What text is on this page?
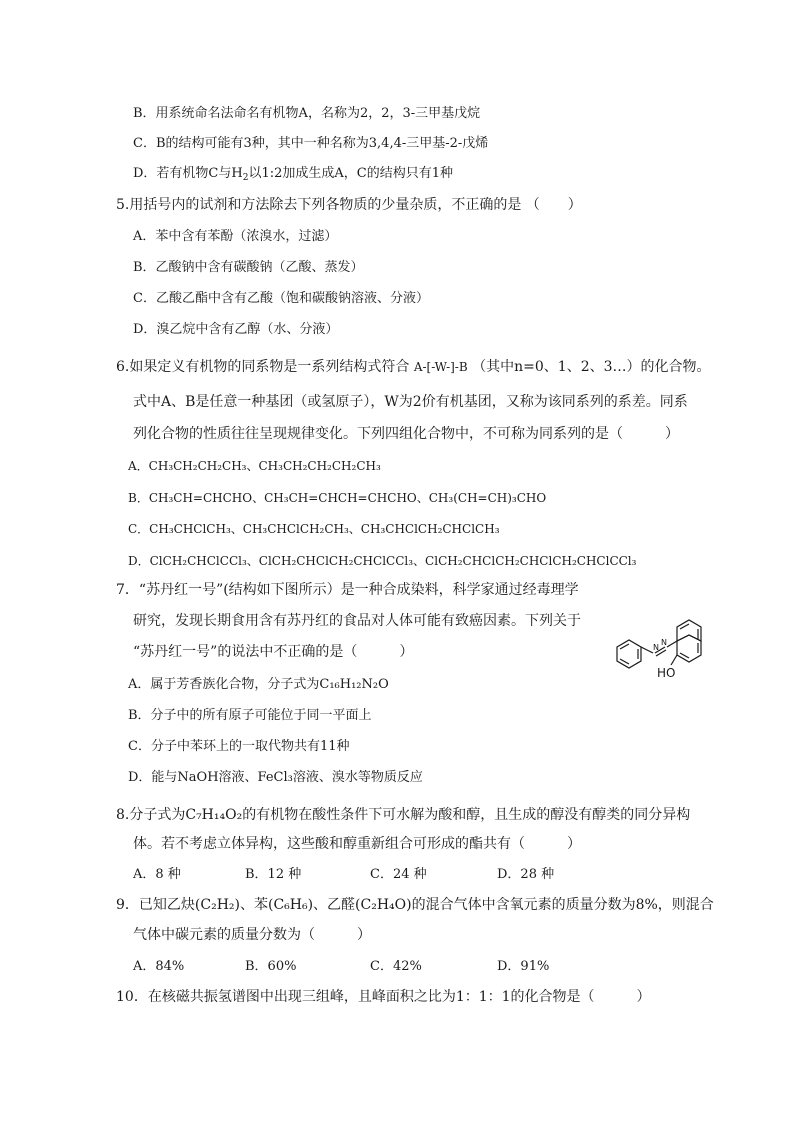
B．用系统命名法命名有机物A，名称为2，2，3-三甲基戊烷
C．B的结构可能有3种，其中一种名称为3,4,4-三甲基-2-戊烯
D．若有机物C与$H_2$以1:2加成生成A，C的结构只有1种
5.用括号内的试剂和方法除去下列各物质的少量杂质，不正确的是 （　　）
A．苯中含有苯酚（浓溴水，过滤）
B．乙酸钠中含有碳酸钠（乙酸、蒸发）
C．乙酸乙酯中含有乙酸（饱和碳酸钠溶液、分液）
D．溴乙烷中含有乙醇（水、分液）
6.如果定义有机物的同系物是一系列结构式符合 A-[-W-]-B （其中n=0、1、2、3…）的化合物。
式中A、B是任意一种基团（或氢原子），W为2价有机基团，又称为该同系列的系差。同系
列化合物的性质往往呈现规律变化。下列四组化合物中，不可称为同系列的是（　　　）
A．CH₃CH₂CH₂CH₃、CH₃CH₂CH₂CH₂CH₃
B．CH₃CH=CHCHO、CH₃CH=CHCH=CHCHO、CH₃(CH=CH)₃CHO
C．CH₃CHClCH₃、CH₃CHClCH₂CH₃、CH₃CHClCH₂CHClCH₃
D．ClCH₂CHClCCl₃、ClCH₂CHClCH₂CHClCCl₃、ClCH₂CHClCH₂CHClCH₂CHClCCl₃
7．“苏丹红一号”(结构如下图所示）是一种合成染料，科学家通过经毒理学
研究，发现长期食用含有苏丹红的食品对人体可能有致癌因素。下列关于
“苏丹红一号”的说法中不正确的是（　　　）
A．属于芳香族化合物，分子式为C₁₆H₁₂N₂O
B．分子中的所有原子可能位于同一平面上
C．分子中苯环上的一取代物共有11种
D．能与NaOH溶液、FeCl₃溶液、溴水等物质反应
N
N
HO
8.分子式为C₇H₁₄O₂的有机物在酸性条件下可水解为酸和醇，且生成的醇没有醇类的同分异构
体。若不考虑立体异构，这些酸和醇重新组合可形成的酯共有（　　　）
A．8 种	B．12 种	C．24 种	D．28 种
9．已知乙炔(C₂H₂)、苯(C₆H₆)、乙醛(C₂H₄O)的混合气体中含氧元素的质量分数为8%，则混合
气体中碳元素的质量分数为（　　　）
A．84%	B．60%	C．42%	D．91%
10．在核磁共振氢谱图中出现三组峰，且峰面积之比为1：1：1的化合物是（　　　）
